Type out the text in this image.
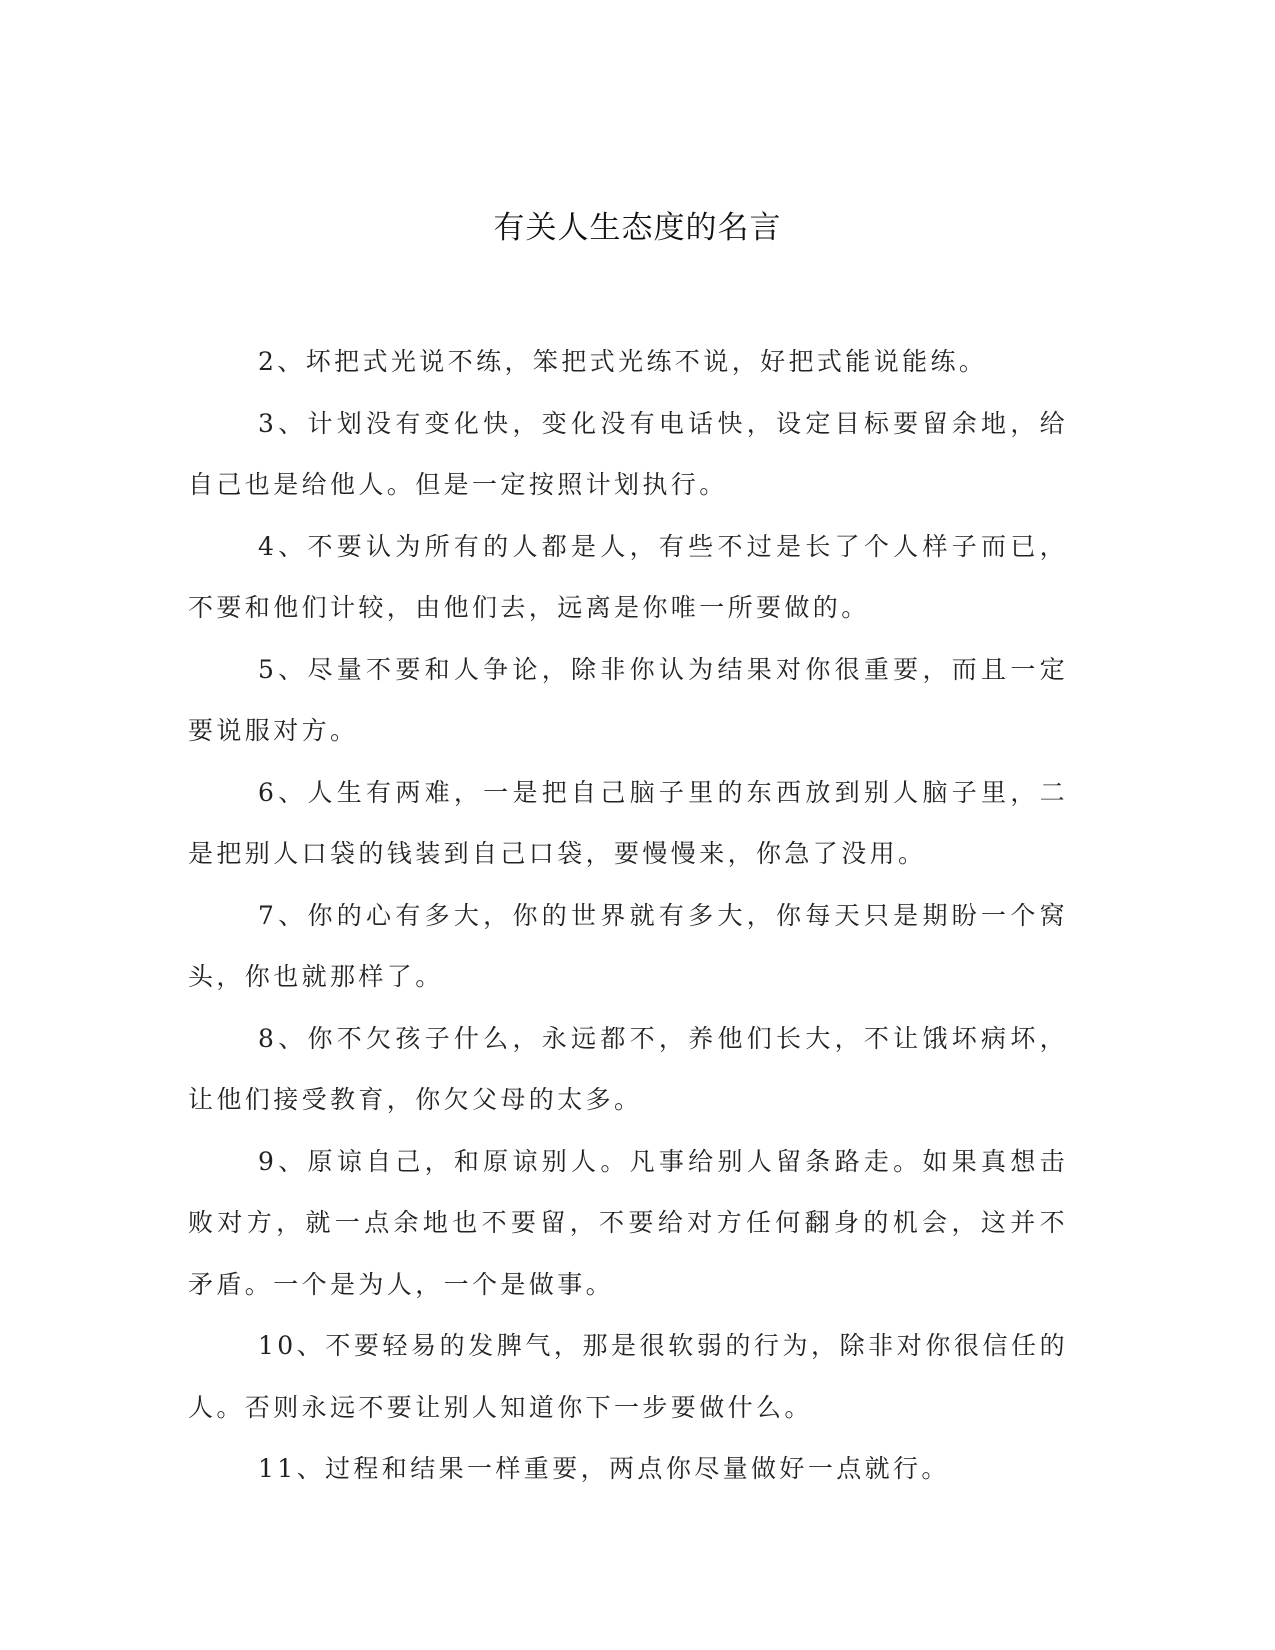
有关人生态度的名言

2、坏把式光说不练，笨把式光练不说，好把式能说能练。

3、计划没有变化快，变化没有电话快，设定目标要留余地，给自己也是给他人。但是一定按照计划执行。

4、不要认为所有的人都是人，有些不过是长了个人样子而已，不要和他们计较，由他们去，远离是你唯一所要做的。

5、尽量不要和人争论，除非你认为结果对你很重要，而且一定要说服对方。

6、人生有两难，一是把自己脑子里的东西放到别人脑子里，二是把别人口袋的钱装到自己口袋，要慢慢来，你急了没用。

7、你的心有多大，你的世界就有多大，你每天只是期盼一个窝头，你也就那样了。

8、你不欠孩子什么，永远都不，养他们长大，不让饿坏病坏，让他们接受教育，你欠父母的太多。

9、原谅自己，和原谅别人。凡事给别人留条路走。如果真想击败对方，就一点余地也不要留，不要给对方任何翻身的机会，这并不矛盾。一个是为人，一个是做事。

10、不要轻易的发脾气，那是很软弱的行为，除非对你很信任的人。否则永远不要让别人知道你下一步要做什么。

11、过程和结果一样重要，两点你尽量做好一点就行。
